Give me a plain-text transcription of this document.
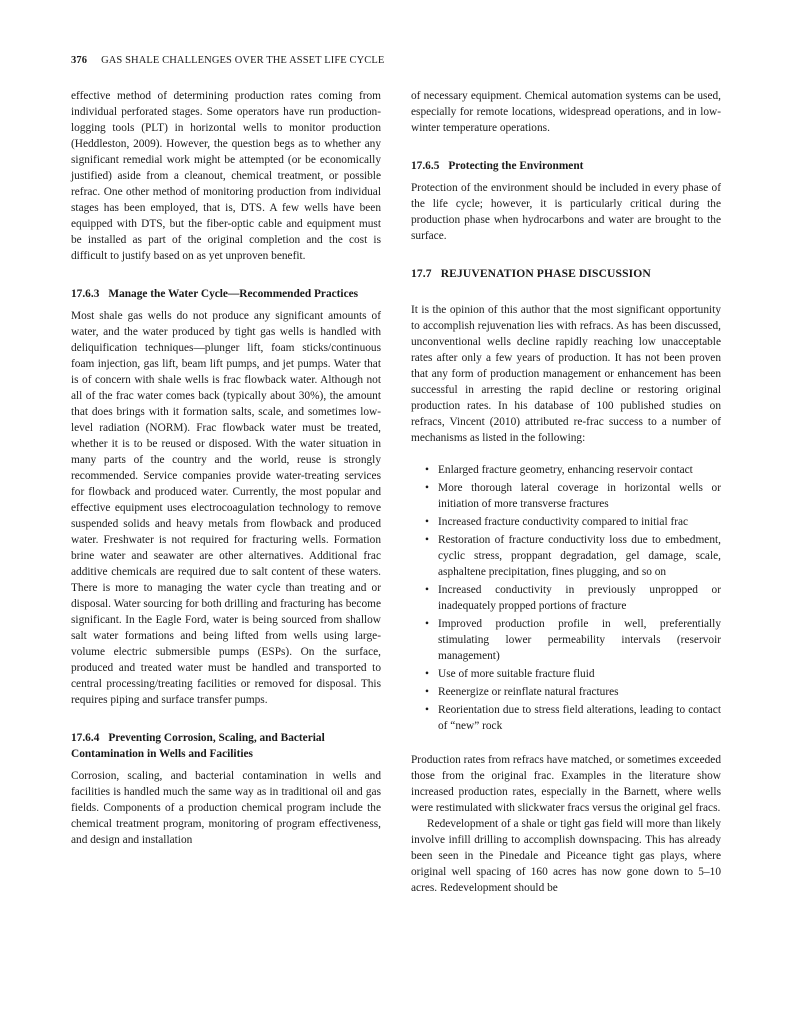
376 GAS SHALE CHALLENGES OVER THE ASSET LIFE CYCLE

effective method of determining production rates coming from individual perforated stages. Some operators have run production-logging tools (PLT) in horizontal wells to monitor production (Heddleston, 2009). However, the question begs as to whether any significant remedial work might be attempted (or be economically justified) aside from a cleanout, chemical treatment, or possible refrac. One other method of monitoring production from individual stages has been employed, that is, DTS. A few wells have been equipped with DTS, but the fiber-optic cable and equipment must be installed as part of the original completion and the cost is difficult to justify based on as yet unproven benefit.

17.6.3 Manage the Water Cycle—Recommended Practices

Most shale gas wells do not produce any significant amounts of water, and the water produced by tight gas wells is handled with deliquification techniques—plunger lift, foam sticks/continuous foam injection, gas lift, beam lift pumps, and jet pumps. Water that is of concern with shale wells is frac flowback water. Although not all of the frac water comes back (typically about 30%), the amount that does brings with it formation salts, scale, and sometimes low-level radiation (NORM). Frac flowback water must be treated, whether it is to be reused or disposed. With the water situation in many parts of the country and the world, reuse is strongly recommended. Service companies provide water-treating services for flowback and produced water. Currently, the most popular and effective equipment uses electrocoagulation technology to remove suspended solids and heavy metals from flowback and produced water. Freshwater is not required for fracturing wells. Formation brine water and seawater are other alternatives. Additional frac additive chemicals are required due to salt content of these waters. There is more to managing the water cycle than treating and or disposal. Water sourcing for both drilling and fracturing has become significant. In the Eagle Ford, water is being sourced from shallow salt water formations and being lifted from wells using large-volume electric submersible pumps (ESPs). On the surface, produced and treated water must be handled and transported to central processing/treating facilities or removed for disposal. This requires piping and surface transfer pumps.

17.6.4 Preventing Corrosion, Scaling, and Bacterial Contamination in Wells and Facilities

Corrosion, scaling, and bacterial contamination in wells and facilities is handled much the same way as in traditional oil and gas fields. Components of a production chemical program include the chemical treatment program, monitoring of program effectiveness, and design and installation

of necessary equipment. Chemical automation systems can be used, especially for remote locations, widespread operations, and in low-winter temperature operations.

17.6.5 Protecting the Environment

Protection of the environment should be included in every phase of the life cycle; however, it is particularly critical during the production phase when hydrocarbons and water are brought to the surface.

17.7 REJUVENATION PHASE DISCUSSION

It is the opinion of this author that the most significant opportunity to accomplish rejuvenation lies with refracs. As has been discussed, unconventional wells decline rapidly reaching low unacceptable rates after only a few years of production. It has not been proven that any form of production management or enhancement has been successful in arresting the rapid decline or restoring original production rates. In his database of 100 published studies on refracs, Vincent (2010) attributed re-frac success to a number of mechanisms as listed in the following:

• Enlarged fracture geometry, enhancing reservoir contact
• More thorough lateral coverage in horizontal wells or initiation of more transverse fractures
• Increased fracture conductivity compared to initial frac
• Restoration of fracture conductivity loss due to embedment, cyclic stress, proppant degradation, gel damage, scale, asphaltene precipitation, fines plugging, and so on
• Increased conductivity in previously unpropped or inadequately propped portions of fracture
• Improved production profile in well, preferentially stimulating lower permeability intervals (reservoir management)
• Use of more suitable fracture fluid
• Reenergize or reinflate natural fractures
• Reorientation due to stress field alterations, leading to contact of “new” rock

Production rates from refracs have matched, or sometimes exceeded those from the original frac. Examples in the literature show increased production rates, especially in the Barnett, where wells were restimulated with slickwater fracs versus the original gel fracs.

Redevelopment of a shale or tight gas field will more than likely involve infill drilling to accomplish downspacing. This has already been seen in the Pinedale and Piceance tight gas plays, where original well spacing of 160 acres has now gone down to 5–10 acres. Redevelopment should be
